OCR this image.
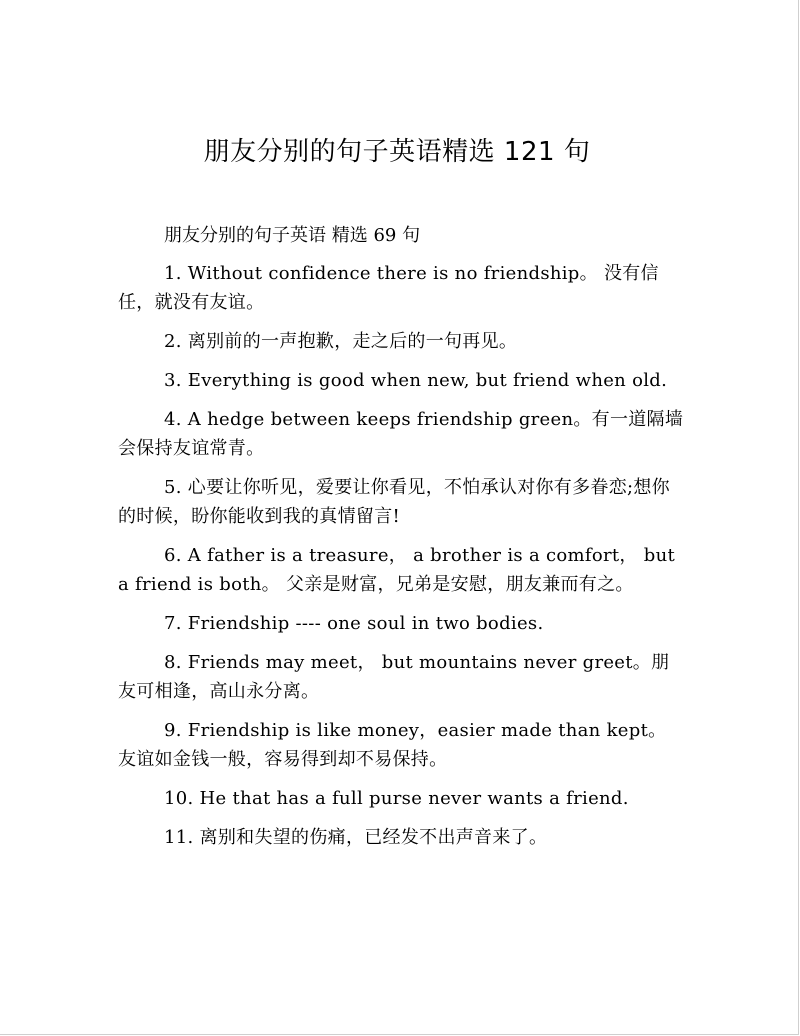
朋友分别的句子英语精选 121 句

朋友分别的句子英语 精选 69 句

1. Without confidence there is no friendship。 没有信任，就没有友谊。

2. 离别前的一声抱歉，走之后的一句再见。

3. Everything is good when new, but friend when old.

4. A hedge between keeps friendship green。有一道隔墙会保持友谊常青。

5. 心要让你听见，爱要让你看见，不怕承认对你有多眷恋;想你的时候，盼你能收到我的真情留言!

6. A father is a treasure， a brother is a comfort， but a friend is both。 父亲是财富，兄弟是安慰，朋友兼而有之。

7. Friendship ---- one soul in two bodies.

8. Friends may meet， but mountains never greet。朋友可相逢，高山永分离。

9. Friendship is like money，easier made than kept。友谊如金钱一般，容易得到却不易保持。

10. He that has a full purse never wants a friend.

11. 离别和失望的伤痛，已经发不出声音来了。
